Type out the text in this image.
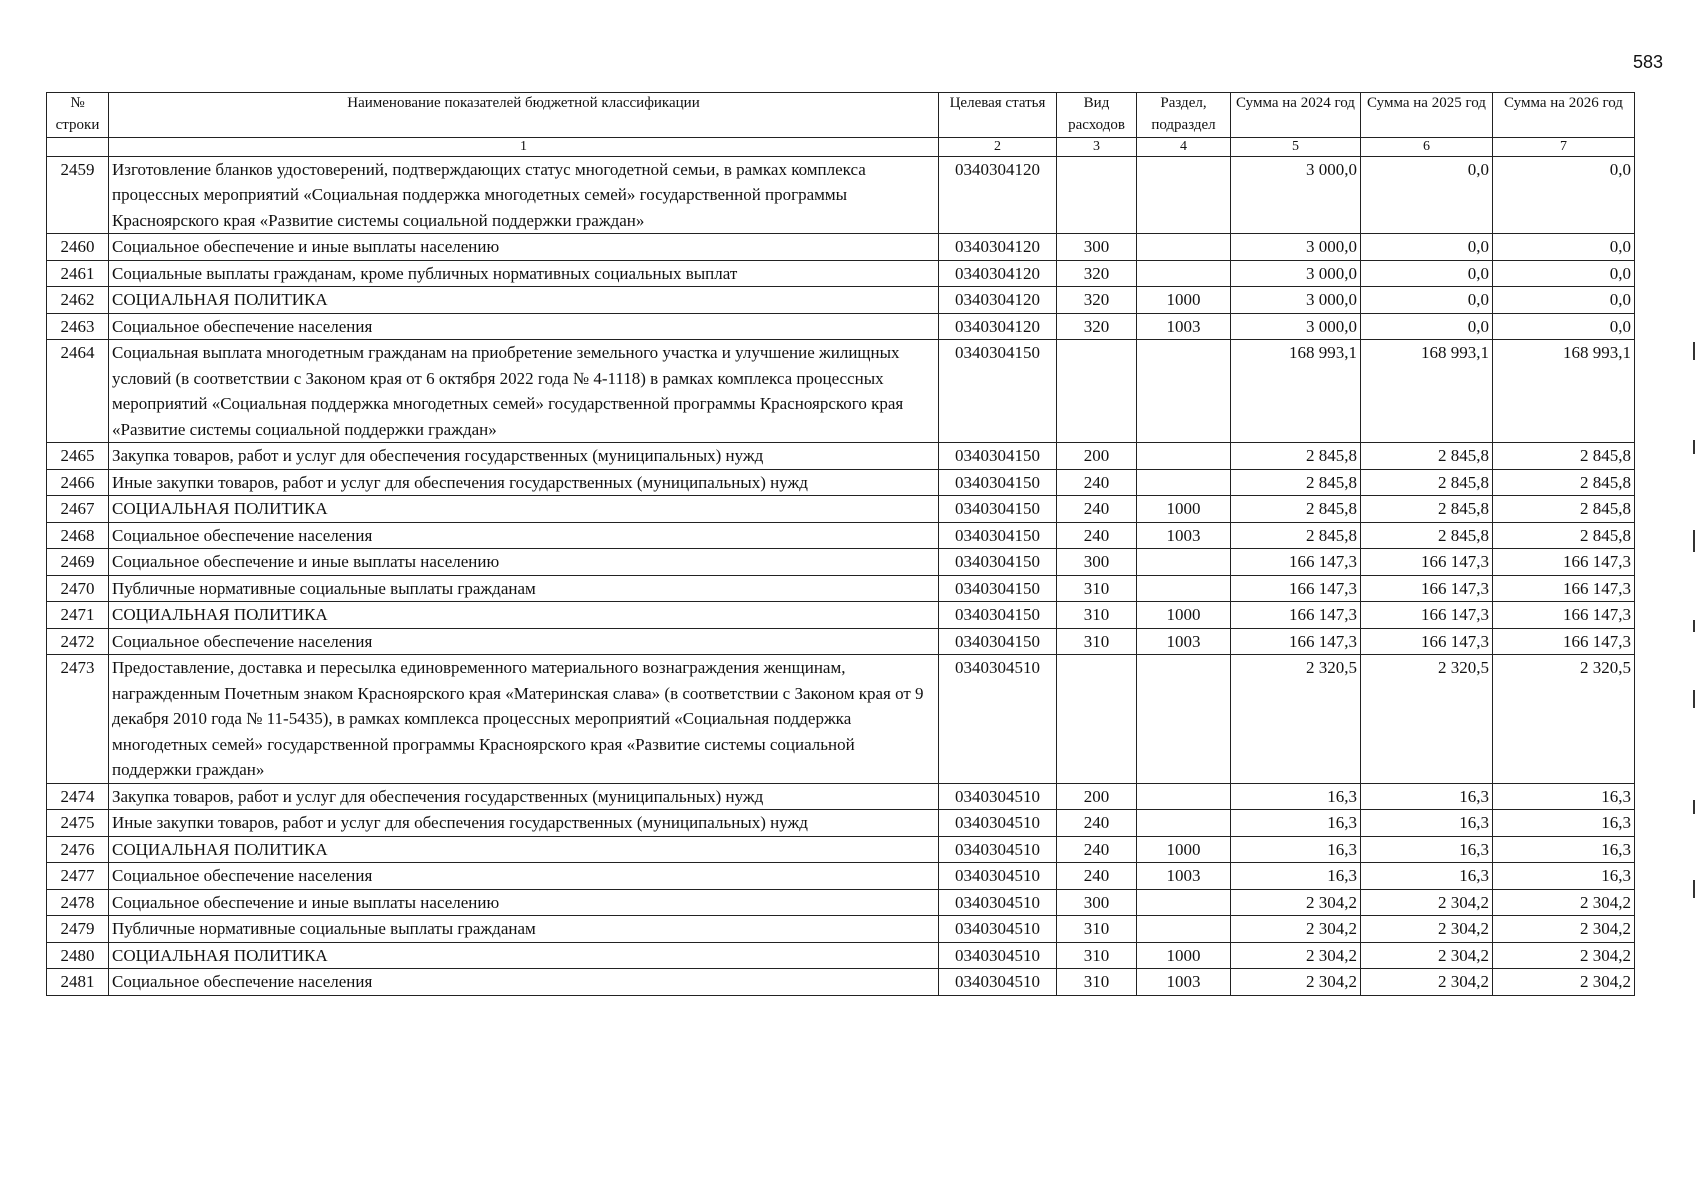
583
№ строки	Наименование показателей бюджетной классификации	Целевая статья	Вид расходов	Раздел, подраздел	Сумма на 2024 год	Сумма на 2025 год	Сумма на 2026 год
	1	2	3	4	5	6	7
2459	Изготовление бланков удостоверений, подтверждающих статус многодетной семьи, в рамках комплекса процессных мероприятий «Социальная поддержка многодетных семей» государственной программы Красноярского края «Развитие системы социальной поддержки граждан»	0340304120			3 000,0	0,0	0,0
2460	Социальное обеспечение и иные выплаты населению	0340304120	300		3 000,0	0,0	0,0
2461	Социальные выплаты гражданам, кроме публичных нормативных социальных выплат	0340304120	320		3 000,0	0,0	0,0
2462	СОЦИАЛЬНАЯ ПОЛИТИКА	0340304120	320	1000	3 000,0	0,0	0,0
2463	Социальное обеспечение населения	0340304120	320	1003	3 000,0	0,0	0,0
2464	Социальная выплата многодетным гражданам на приобретение земельного участка и улучшение жилищных условий (в соответствии с Законом края от 6 октября 2022 года № 4-1118) в рамках комплекса процессных мероприятий «Социальная поддержка многодетных семей» государственной программы Красноярского края «Развитие системы социальной поддержки граждан»	0340304150			168 993,1	168 993,1	168 993,1
2465	Закупка товаров, работ и услуг для обеспечения государственных (муниципальных) нужд	0340304150	200		2 845,8	2 845,8	2 845,8
2466	Иные закупки товаров, работ и услуг для обеспечения государственных (муниципальных) нужд	0340304150	240		2 845,8	2 845,8	2 845,8
2467	СОЦИАЛЬНАЯ ПОЛИТИКА	0340304150	240	1000	2 845,8	2 845,8	2 845,8
2468	Социальное обеспечение населения	0340304150	240	1003	2 845,8	2 845,8	2 845,8
2469	Социальное обеспечение и иные выплаты населению	0340304150	300		166 147,3	166 147,3	166 147,3
2470	Публичные нормативные социальные выплаты гражданам	0340304150	310		166 147,3	166 147,3	166 147,3
2471	СОЦИАЛЬНАЯ ПОЛИТИКА	0340304150	310	1000	166 147,3	166 147,3	166 147,3
2472	Социальное обеспечение населения	0340304150	310	1003	166 147,3	166 147,3	166 147,3
2473	Предоставление, доставка и пересылка единовременного материального вознаграждения женщинам, награжденным Почетным знаком Красноярского края «Материнская слава» (в соответствии с Законом края от 9 декабря 2010 года № 11-5435), в рамках комплекса процессных мероприятий «Социальная поддержка многодетных семей» государственной программы Красноярского края «Развитие системы социальной поддержки граждан»	0340304510			2 320,5	2 320,5	2 320,5
2474	Закупка товаров, работ и услуг для обеспечения государственных (муниципальных) нужд	0340304510	200		16,3	16,3	16,3
2475	Иные закупки товаров, работ и услуг для обеспечения государственных (муниципальных) нужд	0340304510	240		16,3	16,3	16,3
2476	СОЦИАЛЬНАЯ ПОЛИТИКА	0340304510	240	1000	16,3	16,3	16,3
2477	Социальное обеспечение населения	0340304510	240	1003	16,3	16,3	16,3
2478	Социальное обеспечение и иные выплаты населению	0340304510	300		2 304,2	2 304,2	2 304,2
2479	Публичные нормативные социальные выплаты гражданам	0340304510	310		2 304,2	2 304,2	2 304,2
2480	СОЦИАЛЬНАЯ ПОЛИТИКА	0340304510	310	1000	2 304,2	2 304,2	2 304,2
2481	Социальное обеспечение населения	0340304510	310	1003	2 304,2	2 304,2	2 304,2
